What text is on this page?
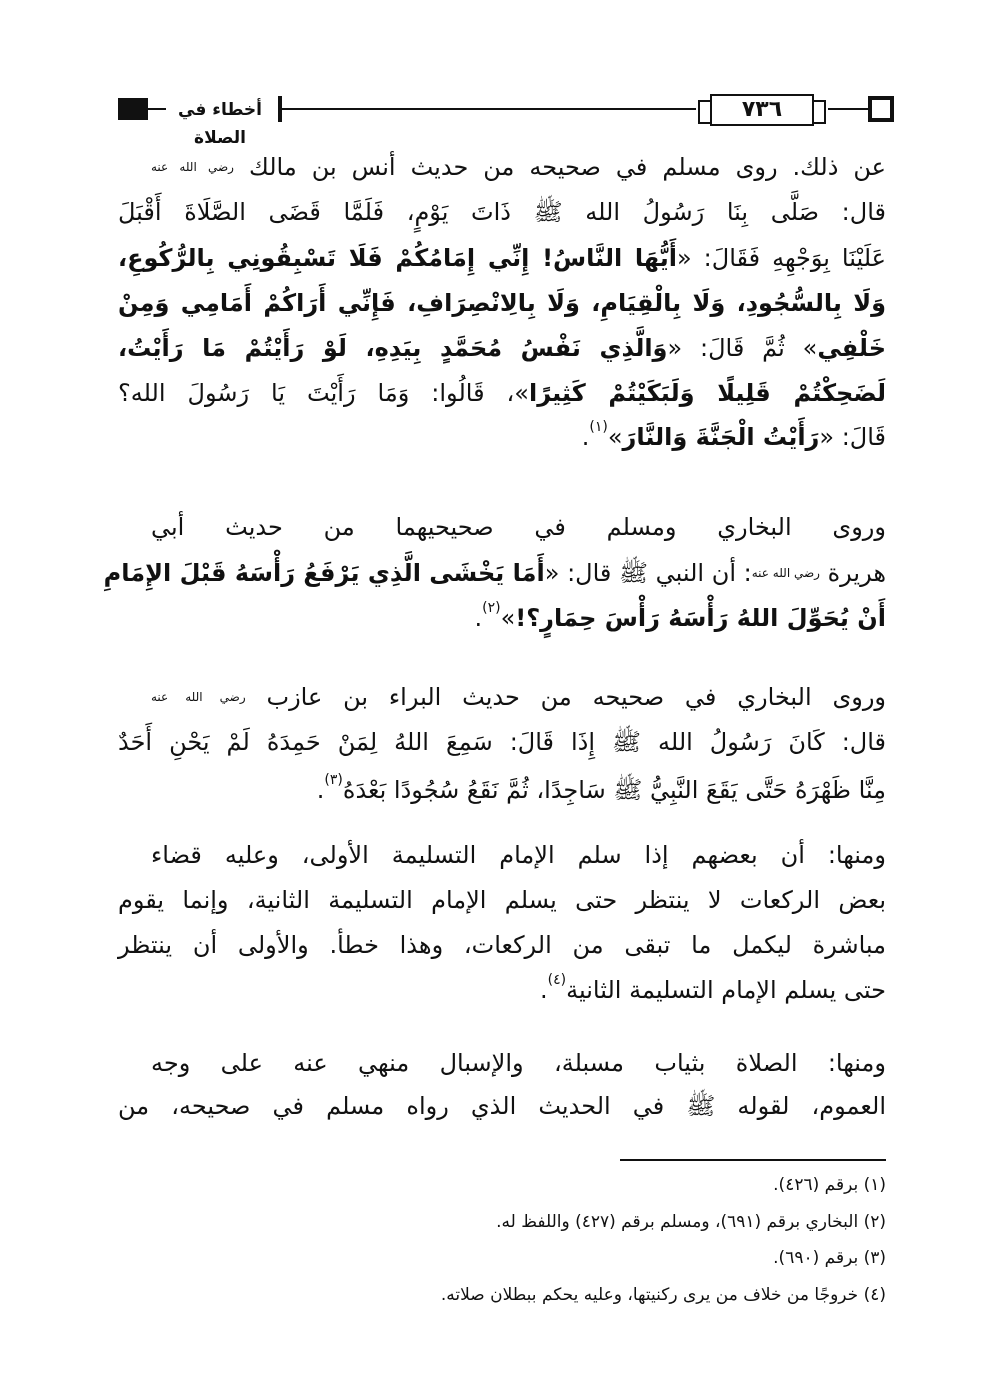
أخطاء في الصلاة
٧٣٦
عن ذلك. روى مسلم في صحيحه من حديث أنس بن مالك $^{رضي الله عنه}$
قال: صَلَّى بِنَا رَسُولُ الله ﷺ ذَاتَ يَوْمٍ، فَلَمَّا قَضَى الصَّلَاةَ أَقْبَلَ
عَلَيْنَا بِوَجْهِهِ فَقَالَ: «أَيُّهَا النَّاسُ! إِنِّي إِمَامُكُمْ فَلَا تَسْبِقُونِي بِالرُّكُوعِ،
وَلَا بِالسُّجُودِ، وَلَا بِالْقِيَامِ، وَلَا بِالِانْصِرَافِ، فَإِنِّي أَرَاكُمْ أَمَامِي وَمِنْ
خَلْفِي» ثُمَّ قَالَ: «وَالَّذِي نَفْسُ مُحَمَّدٍ بِيَدِهِ، لَوْ رَأَيْتُمْ مَا رَأَيْتُ،
لَضَحِكْتُمْ قَلِيلًا وَلَبَكَيْتُمْ كَثِيرًا»، قَالُوا: وَمَا رَأَيْتَ يَا رَسُولَ الله؟
قَالَ: «رَأَيْتُ الْجَنَّةَ وَالنَّارَ»$^{(١)}$.
وروى البخاري ومسلم في صحيحيهما من حديث أبي
هريرة $^{رضي الله عنه}$: أن النبي ﷺ قال: «أَمَا يَخْشَى الَّذِي يَرْفَعُ رَأْسَهُ قَبْلَ الإِمَامِ
أَنْ يُحَوِّلَ اللهُ رَأْسَهُ رَأْسَ حِمَارٍ؟!»$^{(٢)}$.
وروى البخاري في صحيحه من حديث البراء بن عازب $^{رضي الله عنه}$
قال: كَانَ رَسُولُ الله ﷺ إِذَا قَالَ: سَمِعَ اللهُ لِمَنْ حَمِدَهُ لَمْ يَحْنِ أَحَدٌ
مِنَّا ظَهْرَهُ حَتَّى يَقَعَ النَّبِيُّ ﷺ سَاجِدًا، ثُمَّ نَقَعُ سُجُودًا بَعْدَهُ$^{(٣)}$.
ومنها: أن بعضهم إذا سلم الإمام التسليمة الأولى، وعليه قضاء
بعض الركعات لا ينتظر حتى يسلم الإمام التسليمة الثانية، وإنما يقوم
مباشرة ليكمل ما تبقى من الركعات، وهذا خطأ. والأولى أن ينتظر
حتى يسلم الإمام التسليمة الثانية$^{(٤)}$.
ومنها: الصلاة بثياب مسبلة، والإسبال منهي عنه على وجه
العموم، لقوله ﷺ في الحديث الذي رواه مسلم في صحيحه، من
(١) برقم (٤٢٦).
(٢) البخاري برقم (٦٩١)، ومسلم برقم (٤٢٧) واللفظ له.
(٣) برقم (٦٩٠).
(٤) خروجًا من خلاف من يرى ركنيتها، وعليه يحكم ببطلان صلاته.
